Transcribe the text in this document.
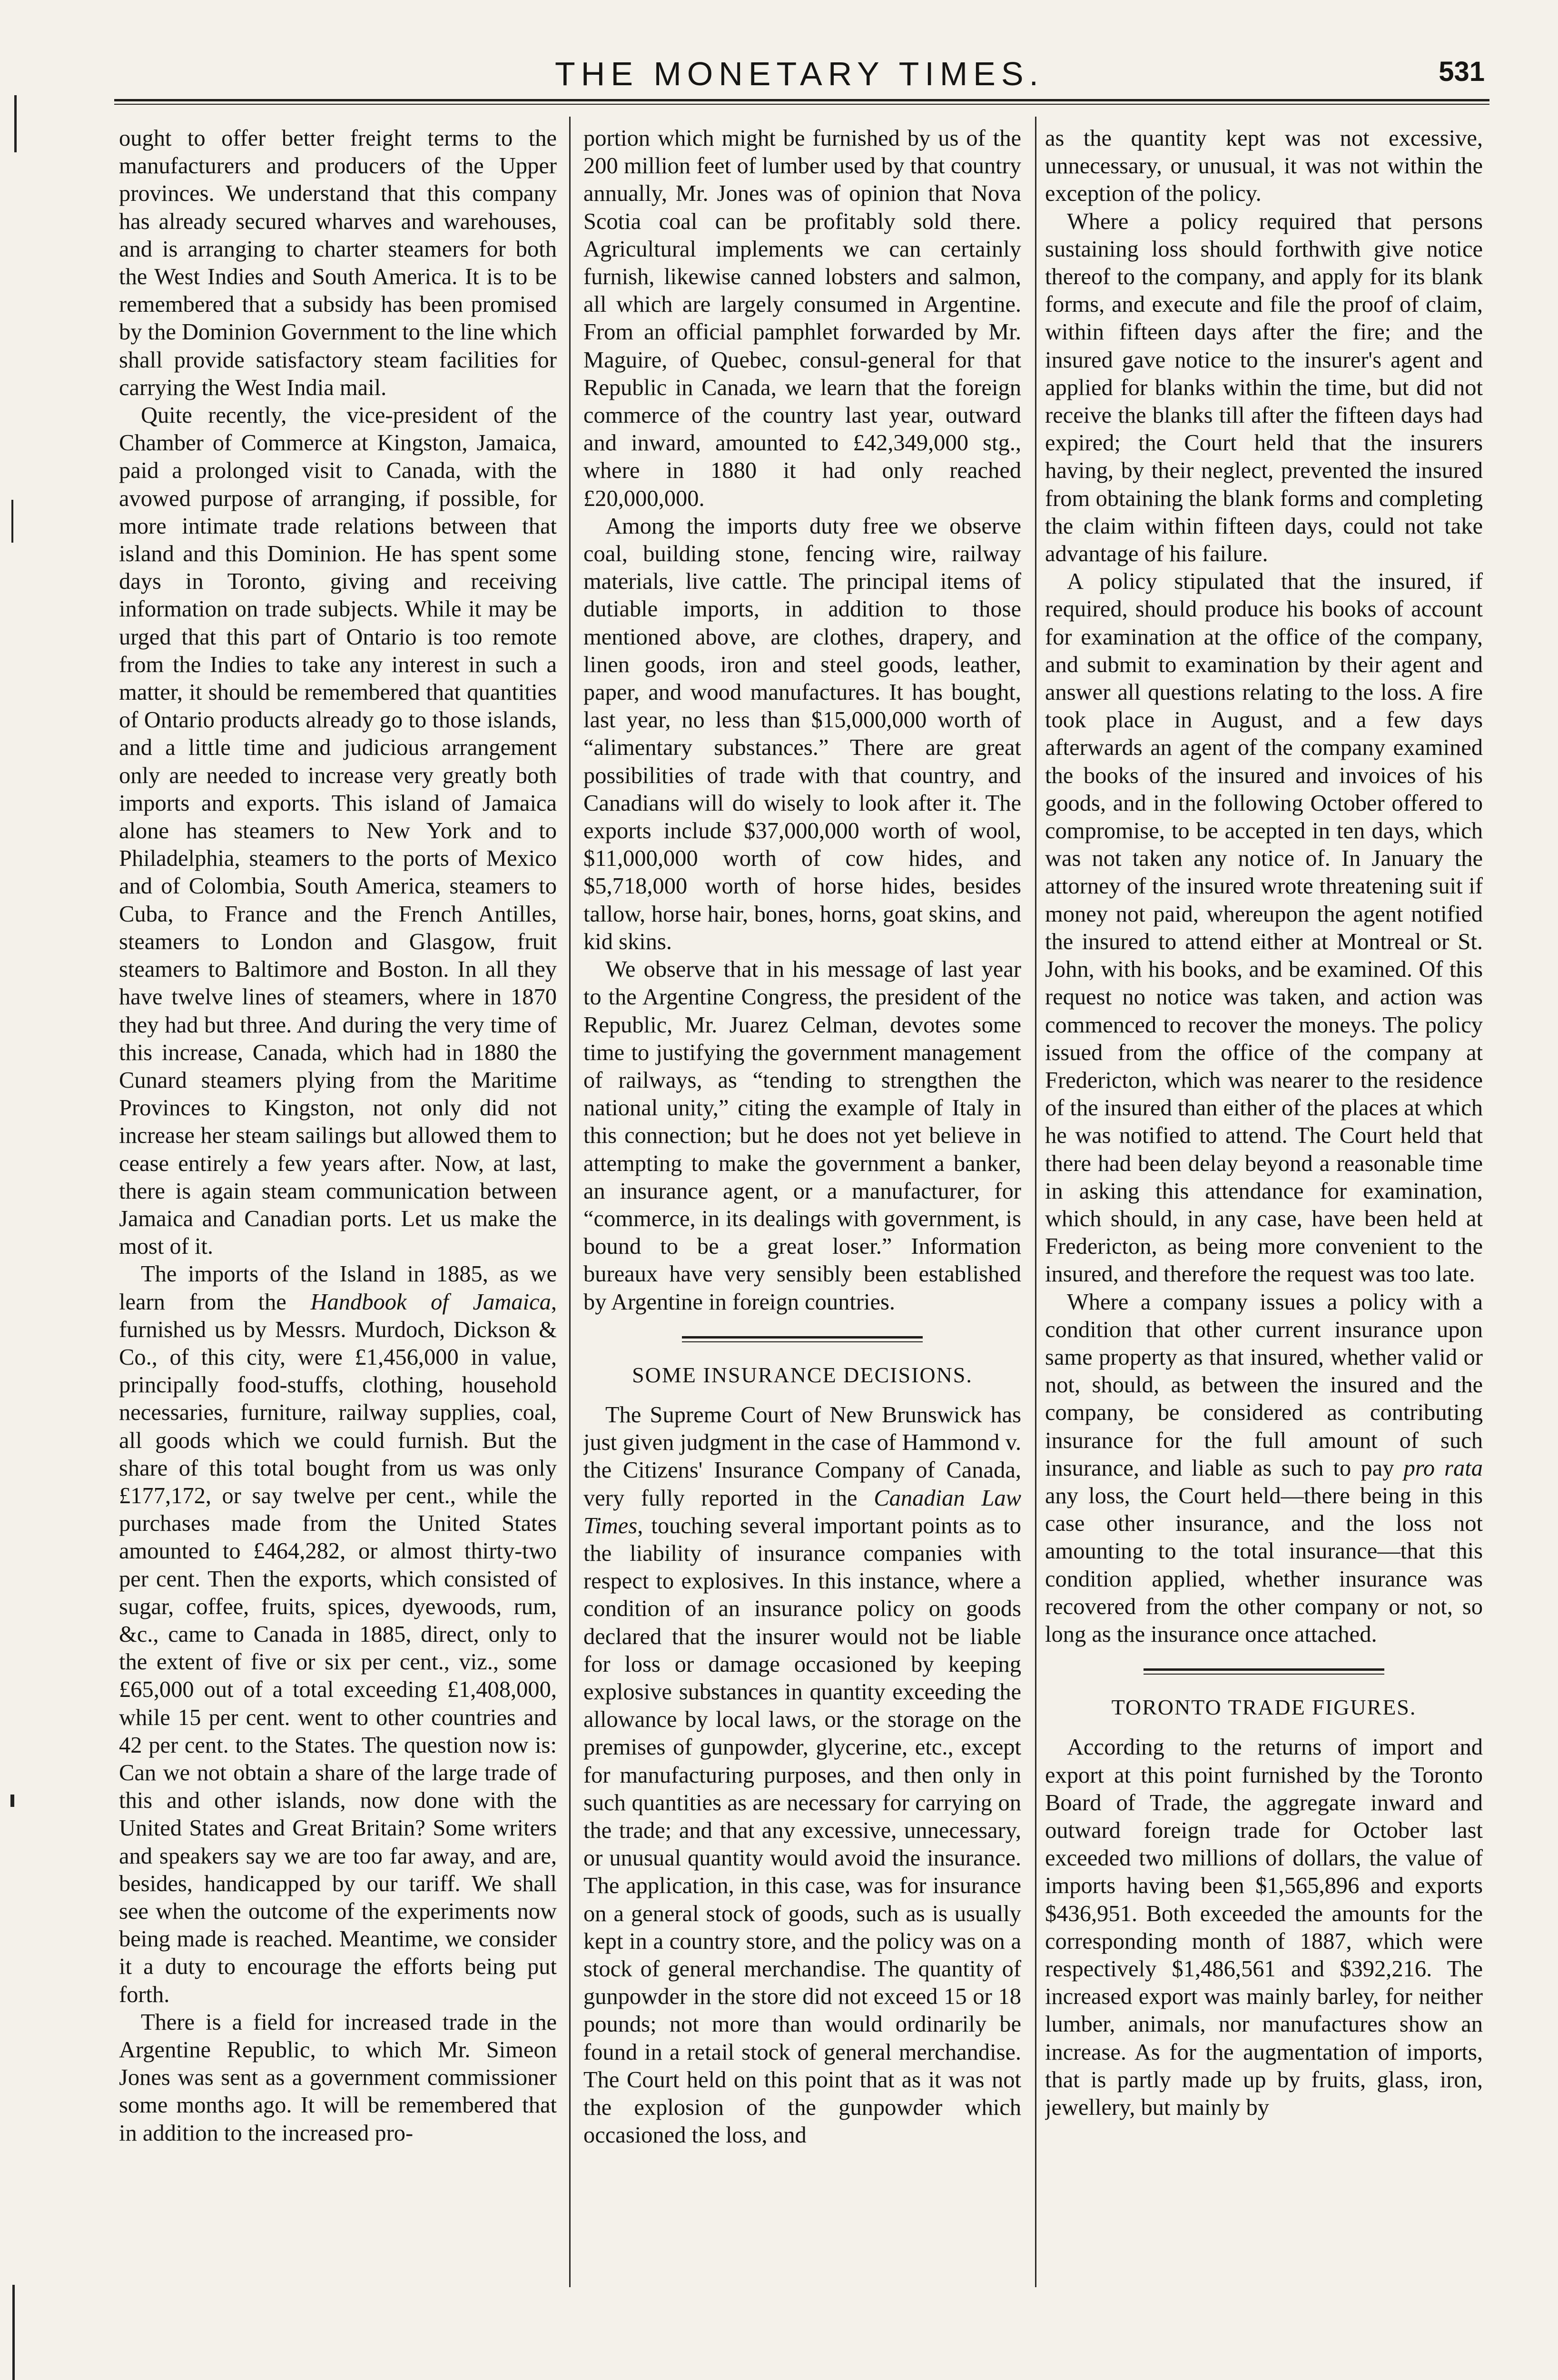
THE MONETARY TIMES.	531

ought to offer better freight terms to the manufacturers and producers of the Upper provinces. We understand that this company has already secured wharves and warehouses, and is arranging to charter steamers for both the West Indies and South America. It is to be remembered that a subsidy has been promised by the Dominion Government to the line which shall provide satisfactory steam facilities for carrying the West India mail.

Quite recently, the vice-president of the Chamber of Commerce at Kingston, Jamaica, paid a prolonged visit to Canada, with the avowed purpose of arranging, if possible, for more intimate trade relations between that island and this Dominion. He has spent some days in Toronto, giving and receiving information on trade subjects. While it may be urged that this part of Ontario is too remote from the Indies to take any interest in such a matter, it should be remembered that quantities of Ontario products already go to those islands, and a little time and judicious arrangement only are needed to increase very greatly both imports and exports. This island of Jamaica alone has steamers to New York and to Philadelphia, steamers to the ports of Mexico and of Colombia, South America, steamers to Cuba, to France and the French Antilles, steamers to London and Glasgow, fruit steamers to Baltimore and Boston. In all they have twelve lines of steamers, where in 1870 they had but three. And during the very time of this increase, Canada, which had in 1880 the Cunard steamers plying from the Maritime Provinces to Kingston, not only did not increase her steam sailings but allowed them to cease entirely a few years after. Now, at last, there is again steam communication between Jamaica and Canadian ports. Let us make the most of it.

The imports of the Island in 1885, as we learn from the Handbook of Jamaica, furnished us by Messrs. Murdoch, Dickson & Co., of this city, were £1,456,000 in value, principally food-stuffs, clothing, household necessaries, furniture, railway supplies, coal, all goods which we could furnish. But the share of this total bought from us was only £177,172, or say twelve per cent., while the purchases made from the United States amounted to £464,282, or almost thirty-two per cent. Then the exports, which consisted of sugar, coffee, fruits, spices, dyewoods, rum, &c., came to Canada in 1885, direct, only to the extent of five or six per cent., viz., some £65,000 out of a total exceeding £1,408,000, while 15 per cent. went to other countries and 42 per cent. to the States. The question now is: Can we not obtain a share of the large trade of this and other islands, now done with the United States and Great Britain? Some writers and speakers say we are too far away, and are, besides, handicapped by our tariff. We shall see when the outcome of the experiments now being made is reached. Meantime, we consider it a duty to encourage the efforts being put forth.

There is a field for increased trade in the Argentine Republic, to which Mr. Simeon Jones was sent as a government commissioner some months ago. It will be remembered that in addition to the increased pro-

portion which might be furnished by us of the 200 million feet of lumber used by that country annually, Mr. Jones was of opinion that Nova Scotia coal can be profitably sold there. Agricultural implements we can certainly furnish, likewise canned lobsters and salmon, all which are largely consumed in Argentine. From an official pamphlet forwarded by Mr. Maguire, of Quebec, consul-general for that Republic in Canada, we learn that the foreign commerce of the country last year, outward and inward, amounted to £42,349,000 stg., where in 1880 it had only reached £20,000,000.

Among the imports duty free we observe coal, building stone, fencing wire, railway materials, live cattle. The principal items of dutiable imports, in addition to those mentioned above, are clothes, drapery, and linen goods, iron and steel goods, leather, paper, and wood manufactures. It has bought, last year, no less than $15,000,000 worth of “alimentary substances.” There are great possibilities of trade with that country, and Canadians will do wisely to look after it. The exports include $37,000,000 worth of wool, $11,000,000 worth of cow hides, and $5,718,000 worth of horse hides, besides tallow, horse hair, bones, horns, goat skins, and kid skins.

We observe that in his message of last year to the Argentine Congress, the president of the Republic, Mr. Juarez Celman, devotes some time to justifying the government management of railways, as “tending to strengthen the national unity,” citing the example of Italy in this connection; but he does not yet believe in attempting to make the government a banker, an insurance agent, or a manufacturer, for “commerce, in its dealings with government, is bound to be a great loser.” Information bureaux have very sensibly been established by Argentine in foreign countries.

SOME INSURANCE DECISIONS.

The Supreme Court of New Brunswick has just given judgment in the case of Hammond v. the Citizens' Insurance Company of Canada, very fully reported in the Canadian Law Times, touching several important points as to the liability of insurance companies with respect to explosives. In this instance, where a condition of an insurance policy on goods declared that the insurer would not be liable for loss or damage occasioned by keeping explosive substances in quantity exceeding the allowance by local laws, or the storage on the premises of gunpowder, glycerine, etc., except for manufacturing purposes, and then only in such quantities as are necessary for carrying on the trade; and that any excessive, unnecessary, or unusual quantity would avoid the insurance. The application, in this case, was for insurance on a general stock of goods, such as is usually kept in a country store, and the policy was on a stock of general merchandise. The quantity of gunpowder in the store did not exceed 15 or 18 pounds; not more than would ordinarily be found in a retail stock of general merchandise. The Court held on this point that as it was not the explosion of the gunpowder which occasioned the loss, and

as the quantity kept was not excessive, unnecessary, or unusual, it was not within the exception of the policy.

Where a policy required that persons sustaining loss should forthwith give notice thereof to the company, and apply for its blank forms, and execute and file the proof of claim, within fifteen days after the fire; and the insured gave notice to the insurer's agent and applied for blanks within the time, but did not receive the blanks till after the fifteen days had expired; the Court held that the insurers having, by their neglect, prevented the insured from obtaining the blank forms and completing the claim within fifteen days, could not take advantage of his failure.

A policy stipulated that the insured, if required, should produce his books of account for examination at the office of the company, and submit to examination by their agent and answer all questions relating to the loss. A fire took place in August, and a few days afterwards an agent of the company examined the books of the insured and invoices of his goods, and in the following October offered to compromise, to be accepted in ten days, which was not taken any notice of. In January the attorney of the insured wrote threatening suit if money not paid, whereupon the agent notified the insured to attend either at Montreal or St. John, with his books, and be examined. Of this request no notice was taken, and action was commenced to recover the moneys. The policy issued from the office of the company at Fredericton, which was nearer to the residence of the insured than either of the places at which he was notified to attend. The Court held that there had been delay beyond a reasonable time in asking this attendance for examination, which should, in any case, have been held at Fredericton, as being more convenient to the insured, and therefore the request was too late.

Where a company issues a policy with a condition that other current insurance upon same property as that insured, whether valid or not, should, as between the insured and the company, be considered as contributing insurance for the full amount of such insurance, and liable as such to pay pro rata any loss, the Court held—there being in this case other insurance, and the loss not amounting to the total insurance—that this condition applied, whether insurance was recovered from the other company or not, so long as the insurance once attached.

TORONTO TRADE FIGURES.

According to the returns of import and export at this point furnished by the Toronto Board of Trade, the aggregate inward and outward foreign trade for October last exceeded two millions of dollars, the value of imports having been $1,565,896 and exports $436,951. Both exceeded the amounts for the corresponding month of 1887, which were respectively $1,486,561 and $392,216. The increased export was mainly barley, for neither lumber, animals, nor manufactures show an increase. As for the augmentation of imports, that is partly made up by fruits, glass, iron, jewellery, but mainly by
